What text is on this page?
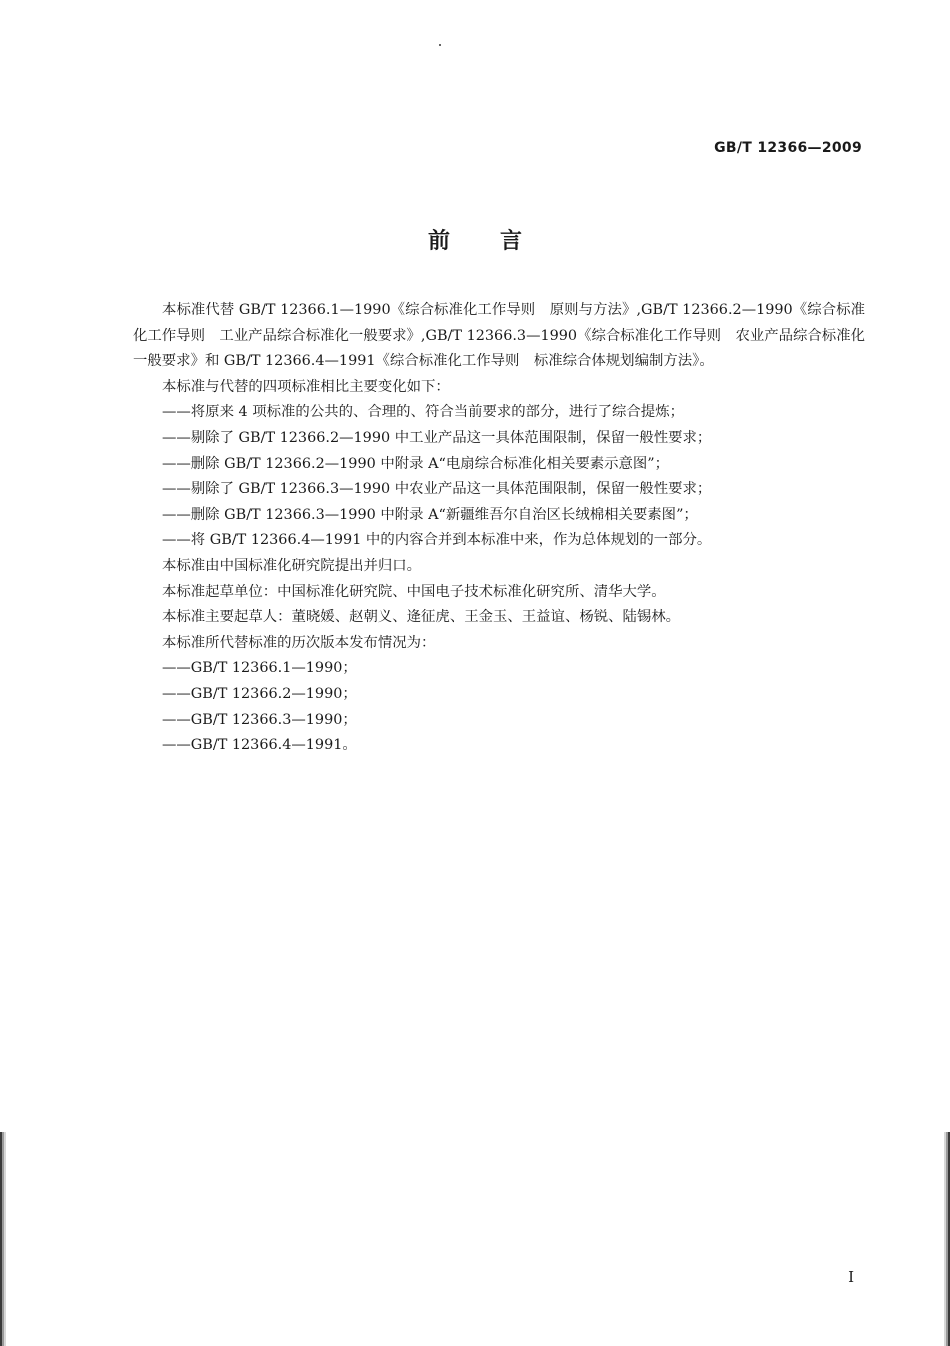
GB/T 12366—2009
前言

本标准代替 GB/T 12366.1—1990《综合标准化工作导则　原则与方法》,GB/T 12366.2—1990《综合标准化工作导则　工业产品综合标准化一般要求》,GB/T 12366.3—1990《综合标准化工作导则　农业产品综合标准化一般要求》和 GB/T 12366.4—1991《综合标准化工作导则　标准综合体规划编制方法》。

本标准与代替的四项标准相比主要变化如下：

——将原来 4 项标准的公共的、合理的、符合当前要求的部分，进行了综合提炼；

——剔除了 GB/T 12366.2—1990 中工业产品这一具体范围限制，保留一般性要求；

——删除 GB/T 12366.2—1990 中附录 A“电扇综合标准化相关要素示意图”；

——剔除了 GB/T 12366.3—1990 中农业产品这一具体范围限制，保留一般性要求；

——删除 GB/T 12366.3—1990 中附录 A“新疆维吾尔自治区长绒棉相关要素图”；

——将 GB/T 12366.4—1991 中的内容合并到本标准中来，作为总体规划的一部分。

本标准由中国标准化研究院提出并归口。

本标准起草单位：中国标准化研究院、中国电子技术标准化研究所、清华大学。

本标准主要起草人：董晓媛、赵朝义、逄征虎、王金玉、王益谊、杨锐、陆锡林。

本标准所代替标准的历次版本发布情况为：

——GB/T 12366.1—1990；

——GB/T 12366.2—1990；

——GB/T 12366.3—1990；

——GB/T 12366.4—1991。

I
